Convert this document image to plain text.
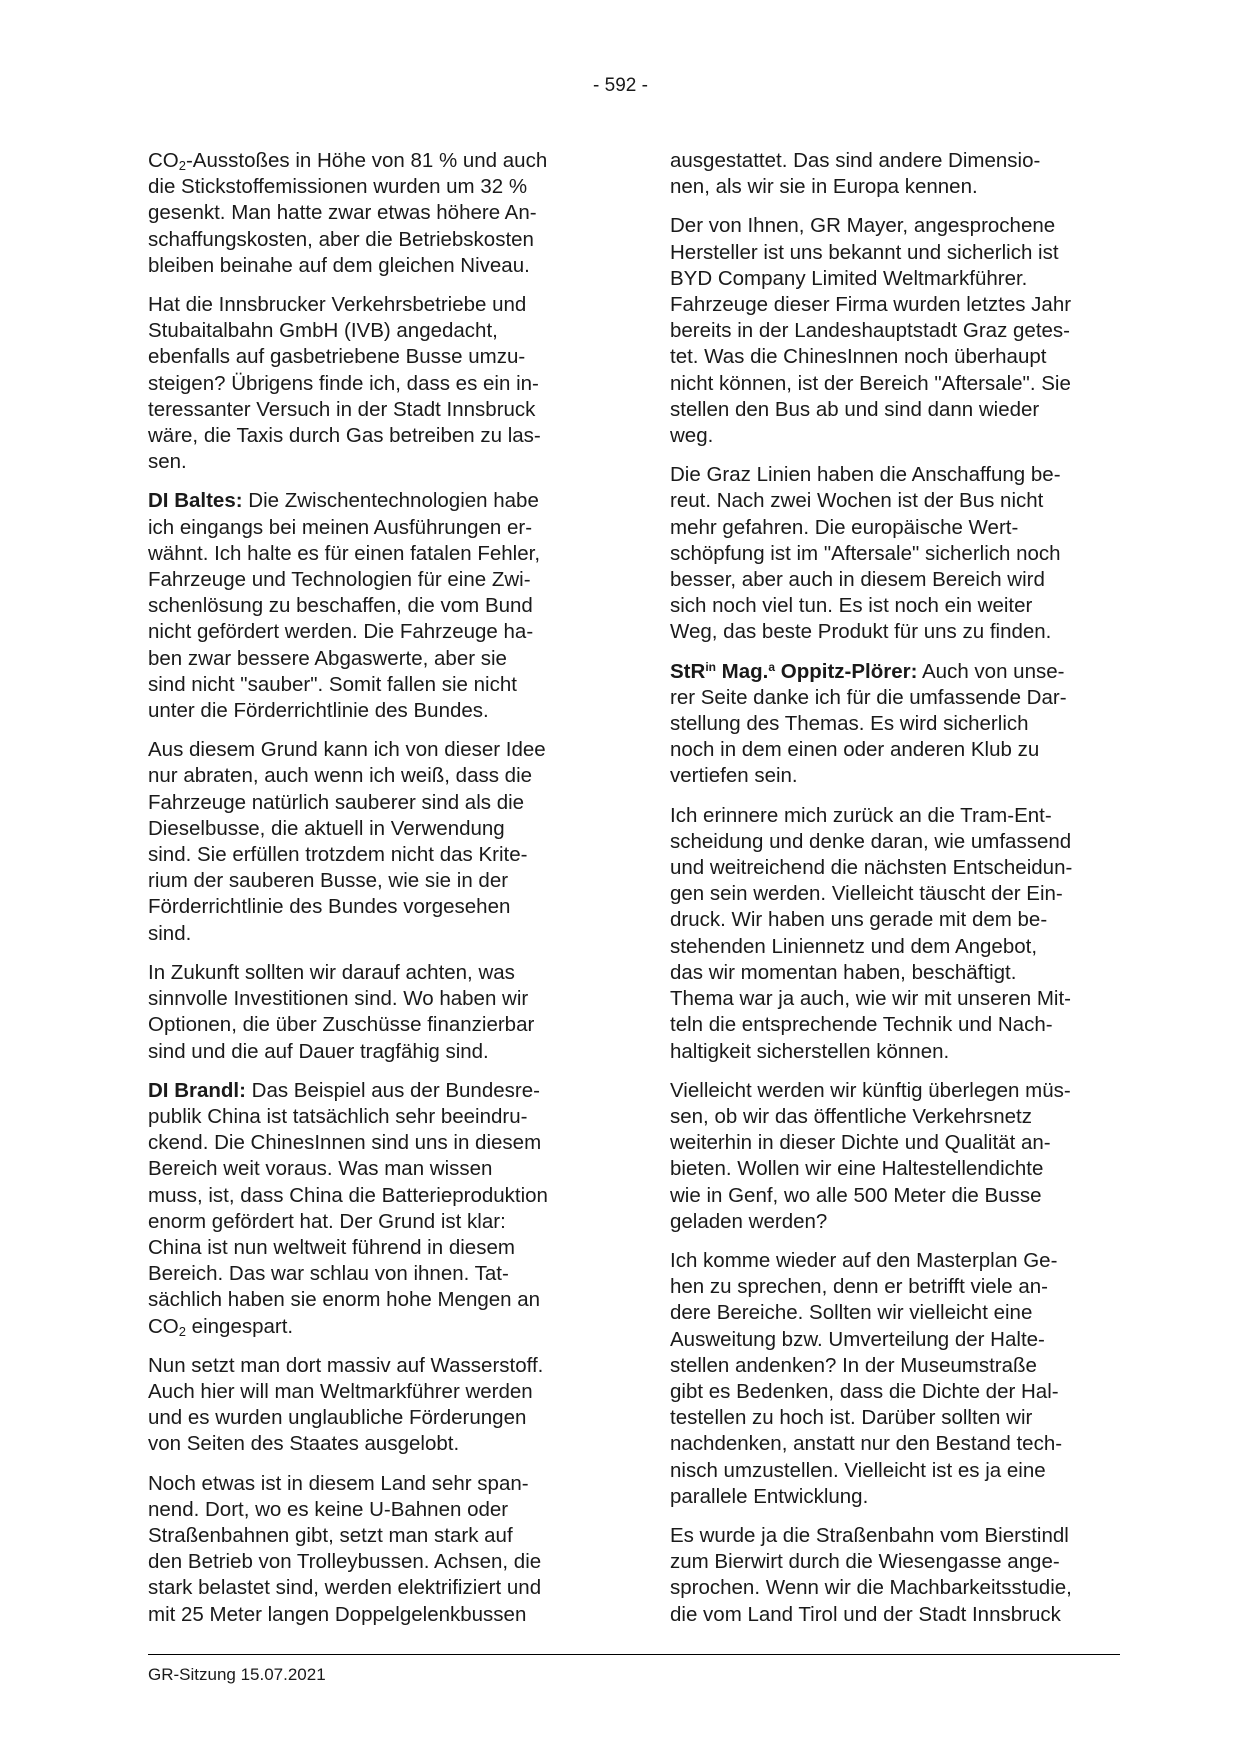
- 592 -

$CO_2$-Ausstoßes in Höhe von 81 % und auch
die Stickstoffemissionen wurden um 32 %
gesenkt. Man hatte zwar etwas höhere An-
schaffungskosten, aber die Betriebskosten
bleiben beinahe auf dem gleichen Niveau.

Hat die Innsbrucker Verkehrsbetriebe und
Stubaitalbahn GmbH (IVB) angedacht,
ebenfalls auf gasbetriebene Busse umzu-
steigen? Übrigens finde ich, dass es ein in-
teressanter Versuch in der Stadt Innsbruck
wäre, die Taxis durch Gas betreiben zu las-
sen.

DI Baltes: Die Zwischentechnologien habe
ich eingangs bei meinen Ausführungen er-
wähnt. Ich halte es für einen fatalen Fehler,
Fahrzeuge und Technologien für eine Zwi-
schenlösung zu beschaffen, die vom Bund
nicht gefördert werden. Die Fahrzeuge ha-
ben zwar bessere Abgaswerte, aber sie
sind nicht "sauber". Somit fallen sie nicht
unter die Förderrichtlinie des Bundes.

Aus diesem Grund kann ich von dieser Idee
nur abraten, auch wenn ich weiß, dass die
Fahrzeuge natürlich sauberer sind als die
Dieselbusse, die aktuell in Verwendung
sind. Sie erfüllen trotzdem nicht das Krite-
rium der sauberen Busse, wie sie in der
Förderrichtlinie des Bundes vorgesehen
sind.

In Zukunft sollten wir darauf achten, was
sinnvolle Investitionen sind. Wo haben wir
Optionen, die über Zuschüsse finanzierbar
sind und die auf Dauer tragfähig sind.

DI Brandl: Das Beispiel aus der Bundesre-
publik China ist tatsächlich sehr beeindru-
ckend. Die ChinesInnen sind uns in diesem
Bereich weit voraus. Was man wissen
muss, ist, dass China die Batterieproduktion
enorm gefördert hat. Der Grund ist klar:
China ist nun weltweit führend in diesem
Bereich. Das war schlau von ihnen. Tat-
sächlich haben sie enorm hohe Mengen an
$CO_2$ eingespart.

Nun setzt man dort massiv auf Wasserstoff.
Auch hier will man Weltmarkführer werden
und es wurden unglaubliche Förderungen
von Seiten des Staates ausgelobt.

Noch etwas ist in diesem Land sehr span-
nend. Dort, wo es keine U-Bahnen oder
Straßenbahnen gibt, setzt man stark auf
den Betrieb von Trolleybussen. Achsen, die
stark belastet sind, werden elektrifiziert und
mit 25 Meter langen Doppelgelenkbussen

ausgestattet. Das sind andere Dimensio-
nen, als wir sie in Europa kennen.

Der von Ihnen, GR Mayer, angesprochene
Hersteller ist uns bekannt und sicherlich ist
BYD Company Limited Weltmarkführer.
Fahrzeuge dieser Firma wurden letztes Jahr
bereits in der Landeshauptstadt Graz getes-
tet. Was die ChinesInnen noch überhaupt
nicht können, ist der Bereich "Aftersale". Sie
stellen den Bus ab und sind dann wieder
weg.

Die Graz Linien haben die Anschaffung be-
reut. Nach zwei Wochen ist der Bus nicht
mehr gefahren. Die europäische Wert-
schöpfung ist im "Aftersale" sicherlich noch
besser, aber auch in diesem Bereich wird
sich noch viel tun. Es ist noch ein weiter
Weg, das beste Produkt für uns zu finden.

StR$^{in}$ Mag.$^a$ Oppitz-Plörer: Auch von unse-
rer Seite danke ich für die umfassende Dar-
stellung des Themas. Es wird sicherlich
noch in dem einen oder anderen Klub zu
vertiefen sein.

Ich erinnere mich zurück an die Tram-Ent-
scheidung und denke daran, wie umfassend
und weitreichend die nächsten Entscheidun-
gen sein werden. Vielleicht täuscht der Ein-
druck. Wir haben uns gerade mit dem be-
stehenden Liniennetz und dem Angebot,
das wir momentan haben, beschäftigt.
Thema war ja auch, wie wir mit unseren Mit-
teln die entsprechende Technik und Nach-
haltigkeit sicherstellen können.

Vielleicht werden wir künftig überlegen müs-
sen, ob wir das öffentliche Verkehrsnetz
weiterhin in dieser Dichte und Qualität an-
bieten. Wollen wir eine Haltestellendichte
wie in Genf, wo alle 500 Meter die Busse
geladen werden?

Ich komme wieder auf den Masterplan Ge-
hen zu sprechen, denn er betrifft viele an-
dere Bereiche. Sollten wir vielleicht eine
Ausweitung bzw. Umverteilung der Halte-
stellen andenken? In der Museumstraße
gibt es Bedenken, dass die Dichte der Hal-
testellen zu hoch ist. Darüber sollten wir
nachdenken, anstatt nur den Bestand tech-
nisch umzustellen. Vielleicht ist es ja eine
parallele Entwicklung.

Es wurde ja die Straßenbahn vom Bierstindl
zum Bierwirt durch die Wiesengasse ange-
sprochen. Wenn wir die Machbarkeitsstudie,
die vom Land Tirol und der Stadt Innsbruck

GR-Sitzung 15.07.2021
